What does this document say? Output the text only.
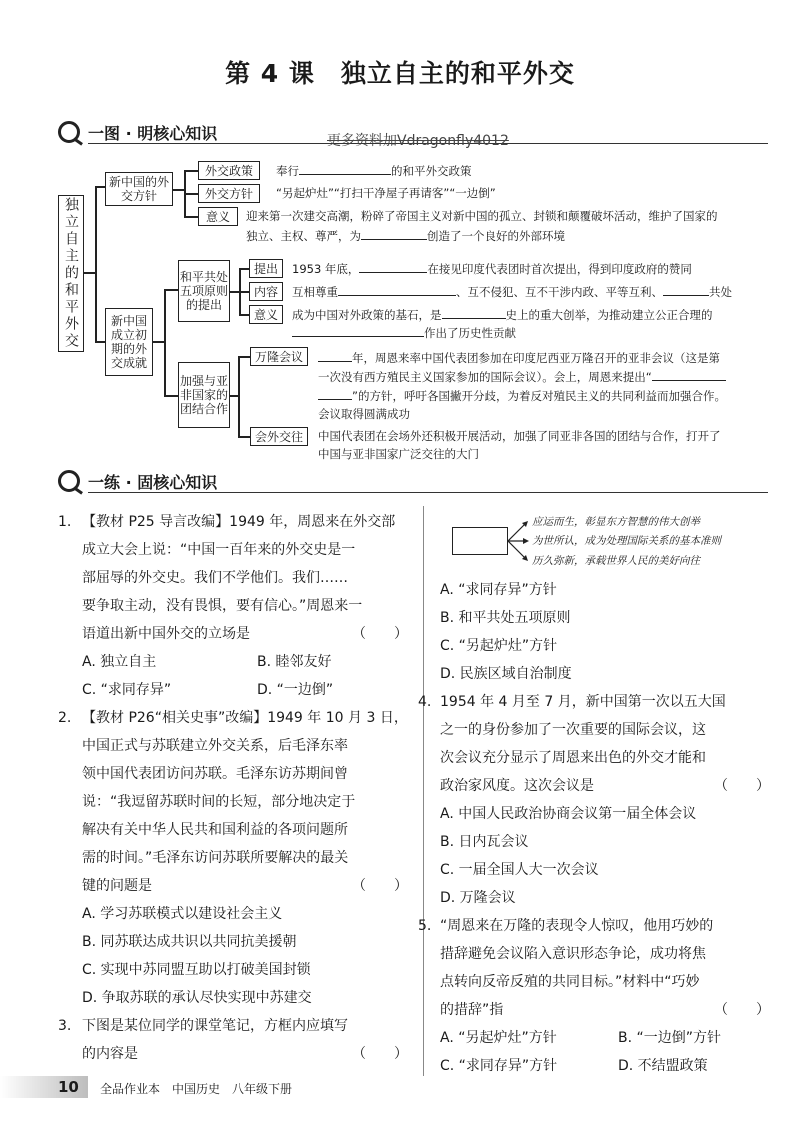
第 4 课　独立自主的和平外交
一图 · 明核心知识	更多资料加Vdragonfly4012
独立自主的和平外交
新中国的外交方针
外交政策	奉行	的和平外交政策
外交方针	“另起炉灶”“打扫干净屋子再请客”“一边倒”
意义	迎来第一次建交高潮，粉碎了帝国主义对新中国的孤立、封锁和颠覆破坏活动，维护了国家的
独立、主权、尊严，为	创造了一个良好的外部环境
新中国成立初期的外交成就
和平共处五项原则的提出
提出	1953 年底，	在接见印度代表团时首次提出，得到印度政府的赞同
内容	互相尊重	、互不侵犯、互不干涉内政、平等互利、	共处
意义	成为中国对外政策的基石，是	史上的重大创举，为推动建立公正合理的
作出了历史性贡献
加强与亚非国家的团结合作
万隆会议	年，周恩来率中国代表团参加在印度尼西亚万隆召开的亚非会议（这是第
一次没有西方殖民主义国家参加的国际会议）。会上，周恩来提出“
”的方针，呼吁各国撇开分歧，为着反对殖民主义的共同利益而加强合作。
会议取得圆满成功
会外交往	中国代表团在会场外还积极开展活动，加强了同亚非各国的团结与合作，打开了
中国与亚非国家广泛交往的大门
一练 · 固核心知识
1. 【教材 P25 导言改编】1949 年，周恩来在外交部
成立大会上说：“中国一百年来的外交史是一
部屈辱的外交史。我们不学他们。我们……
要争取主动，没有畏惧，要有信心。”周恩来一
语道出新中国外交的立场是	（　　）
A. 独立自主	B. 睦邻友好
C. “求同存异”	D. “一边倒”
2. 【教材 P26“相关史事”改编】1949 年 10 月 3 日，
中国正式与苏联建立外交关系，后毛泽东率
领中国代表团访问苏联。毛泽东访苏期间曾
说：“我逗留苏联时间的长短，部分地决定于
解决有关中华人民共和国利益的各项问题所
需的时间。”毛泽东访问苏联所要解决的最关
键的问题是	（　　）
A. 学习苏联模式以建设社会主义
B. 同苏联达成共识以共同抗美援朝
C. 实现中苏同盟互助以打破美国封锁
D. 争取苏联的承认尽快实现中苏建交
3. 下图是某位同学的课堂笔记，方框内应填写
的内容是	（　　）
应运而生，彰显东方智慧的伟大创举
为世所认，成为处理国际关系的基本准则
历久弥新，承载世界人民的美好向往
A. “求同存异”方针
B. 和平共处五项原则
C. “另起炉灶”方针
D. 民族区域自治制度
4. 1954 年 4 月至 7 月，新中国第一次以五大国
之一的身份参加了一次重要的国际会议，这
次会议充分显示了周恩来出色的外交才能和
政治家风度。这次会议是	（　　）
A. 中国人民政治协商会议第一届全体会议
B. 日内瓦会议
C. 一届全国人大一次会议
D. 万隆会议
5. “周恩来在万隆的表现令人惊叹，他用巧妙的
措辞避免会议陷入意识形态争论，成功将焦
点转向反帝反殖的共同目标。”材料中“巧妙
的措辞”指	（　　）
A. “另起炉灶”方针	B. “一边倒”方针
C. “求同存异”方针	D. 不结盟政策
10 全品作业本　中国历史　八年级下册
